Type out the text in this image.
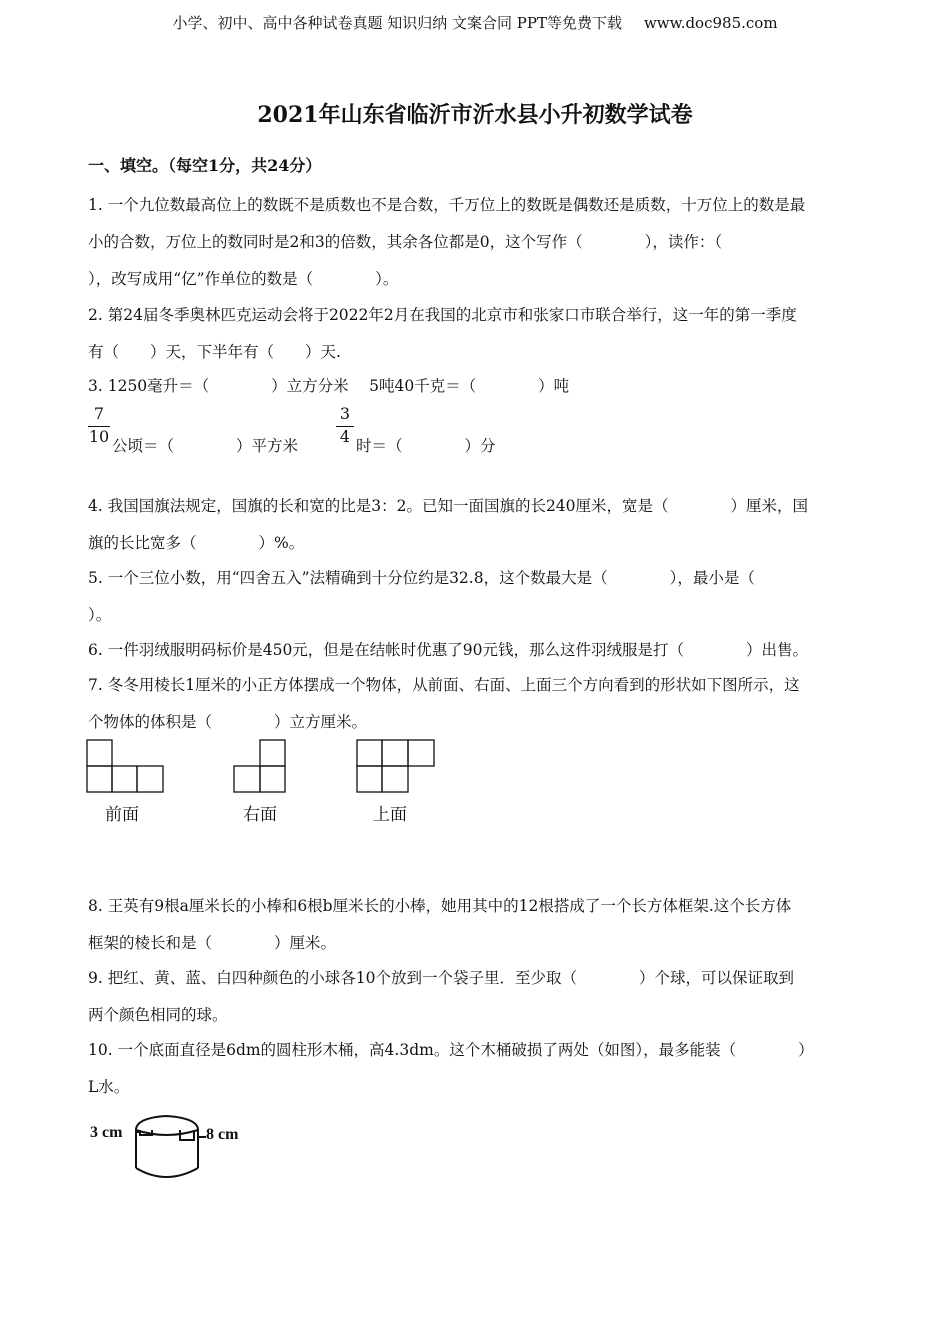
小学、初中、高中各种试卷真题 知识归纳 文案合同 PPT等免费下载 www.doc985.com
2021年山东省临沂市沂水县小升初数学试卷
一、填空。（每空1分，共24分）
1. 一个九位数最高位上的数既不是质数也不是合数，千万位上的数既是偶数还是质数，十万位上的数是最
小的合数，万位上的数同时是2和3的倍数，其余各位都是0，这个写作（　　　　），读作：（
），改写成用“亿”作单位的数是（　　　　）。
2. 第24届冬季奥林匹克运动会将于2022年2月在我国的北京市和张家口市联合举行，这一年的第一季度
有（　　）天，下半年有（　　）天.
3. 1250毫升＝（　　　　）立方分米　 5吨40千克＝（　　　　）吨
7
10 公顷＝（　　　　）平方米
3
4 时＝（　　　　）分
4. 我国国旗法规定，国旗的长和宽的比是3：2。已知一面国旗的长240厘米，宽是（　　　　）厘米，国
旗的长比宽多（　　　　）%。
5. 一个三位小数，用“四舍五入”法精确到十分位约是32.8，这个数最大是（　　　　），最小是（
）。
6. 一件羽绒服明码标价是450元，但是在结帐时优惠了90元钱，那么这件羽绒服是打（　　　　）出售。
7. 冬冬用棱长1厘米的小正方体摆成一个物体，从前面、右面、上面三个方向看到的形状如下图所示，这
个物体的体积是（　　　　）立方厘米。
前面	右面	上面
8. 王英有9根a厘米长的小棒和6根b厘米长的小棒，她用其中的12根搭成了一个长方体框架.这个长方体
框架的棱长和是（　　　　）厘米。
9. 把红、黄、蓝、白四种颜色的小球各10个放到一个袋子里．至少取（　　　　）个球，可以保证取到
两个颜色相同的球。
10. 一个底面直径是6dm的圆柱形木桶，高4.3dm。这个木桶破损了两处（如图），最多能装（　　　　）
L水。
3 cm	8 cm
